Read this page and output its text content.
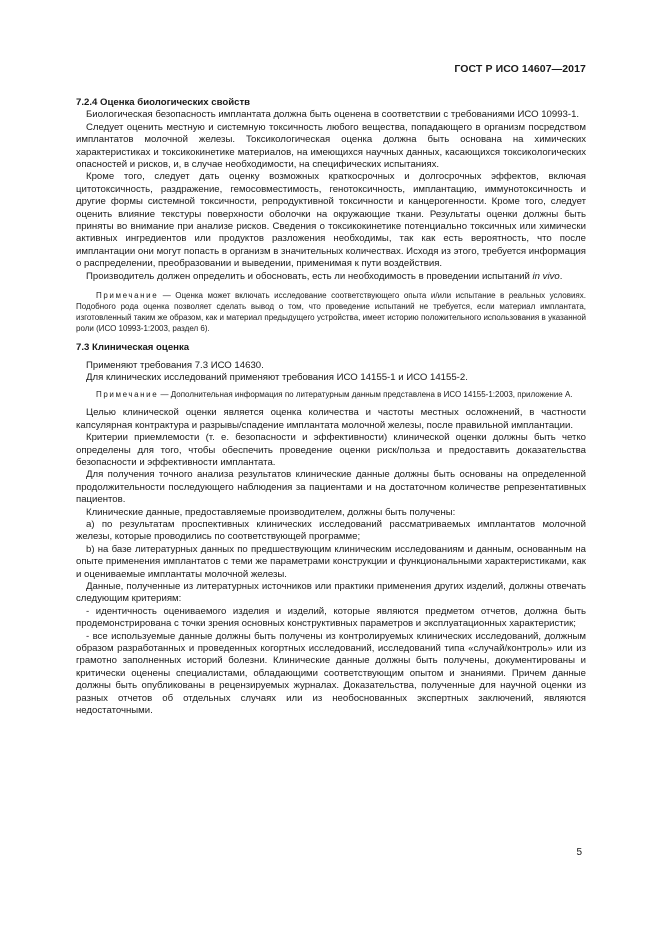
ГОСТ Р ИСО 14607—2017
7.2.4 Оценка биологических свойств

Биологическая безопасность имплантата должна быть оценена в соответствии с требованиями ИСО 10993-1.

Следует оценить местную и системную токсичность любого вещества, попадающего в организм посредством имплантатов молочной железы. Токсикологическая оценка должна быть основана на химических характеристиках и токсикокинетике материалов, на имеющихся научных данных, касающихся токсикологических опасностей и рисков, и, в случае необходимости, на специфических испытаниях.

Кроме того, следует дать оценку возможных краткосрочных и долгосрочных эффектов, включая цитотоксичность, раздражение, гемосовместимость, генотоксичность, имплантацию, иммунотоксичность и другие формы системной токсичности, репродуктивной токсичности и канцерогенности. Кроме того, следует оценить влияние текстуры поверхности оболочки на окружающие ткани. Результаты оценки должны быть приняты во внимание при анализе рисков. Сведения о токсикокинетике потенциально токсичных или химически активных ингредиентов или продуктов разложения необходимы, так как есть вероятность, что после имплантации они могут попасть в организм в значительных количествах. Исходя из этого, требуется информация о распределении, преобразовании и выведении, применимая к пути воздействия.

Производитель должен определить и обосновать, есть ли необходимость в проведении испытаний in vivo.

Примечание — Оценка может включать исследование соответствующего опыта и/или испытание в реальных условиях. Подобного рода оценка позволяет сделать вывод о том, что проведение испытаний не требуется, если материал имплантата, изготовленный таким же образом, как и материал предыдущего устройства, имеет историю положительного использования в указанной роли (ИСО 10993-1:2003, раздел 6).

7.3 Клиническая оценка

Применяют требования 7.3 ИСО 14630.

Для клинических исследований применяют требования ИСО 14155-1 и ИСО 14155-2.

Примечание — Дополнительная информация по литературным данным представлена в ИСО 14155-1:2003, приложение А.

Целью клинической оценки является оценка количества и частоты местных осложнений, в частности капсулярная контрактура и разрывы/спадение имплантата молочной железы, после правильной имплантации.

Критерии приемлемости (т. е. безопасности и эффективности) клинической оценки должны быть четко определены для того, чтобы обеспечить проведение оценки риск/польза и предоставить доказательства безопасности и эффективности имплантата.

Для получения точного анализа результатов клинические данные должны быть основаны на определенной продолжительности последующего наблюдения за пациентами и на достаточном количестве репрезентативных пациентов.

Клинические данные, предоставляемые производителем, должны быть получены:

а) по результатам проспективных клинических исследований рассматриваемых имплантатов молочной железы, которые проводились по соответствующей программе;

b) на базе литературных данных по предшествующим клиническим исследованиям и данным, основанным на опыте применения имплантатов с теми же параметрами конструкции и функциональными характеристиками, как и оцениваемые имплантаты молочной железы.

Данные, полученные из литературных источников или практики применения других изделий, должны отвечать следующим критериям:

- идентичность оцениваемого изделия и изделий, которые являются предметом отчетов, должна быть продемонстрирована с точки зрения основных конструктивных параметров и эксплуатационных характеристик;

- все используемые данные должны быть получены из контролируемых клинических исследований, должным образом разработанных и проведенных когортных исследований, исследований типа «случай/контроль» или из грамотно заполненных историй болезни. Клинические данные должны быть получены, документированы и критически оценены специалистами, обладающими соответствующим опытом и знаниями. Причем данные должны быть опубликованы в рецензируемых журналах. Доказательства, полученные для научной оценки из разных отчетов об отдельных случаях или из необоснованных экспертных заключений, являются недостаточными.

5
